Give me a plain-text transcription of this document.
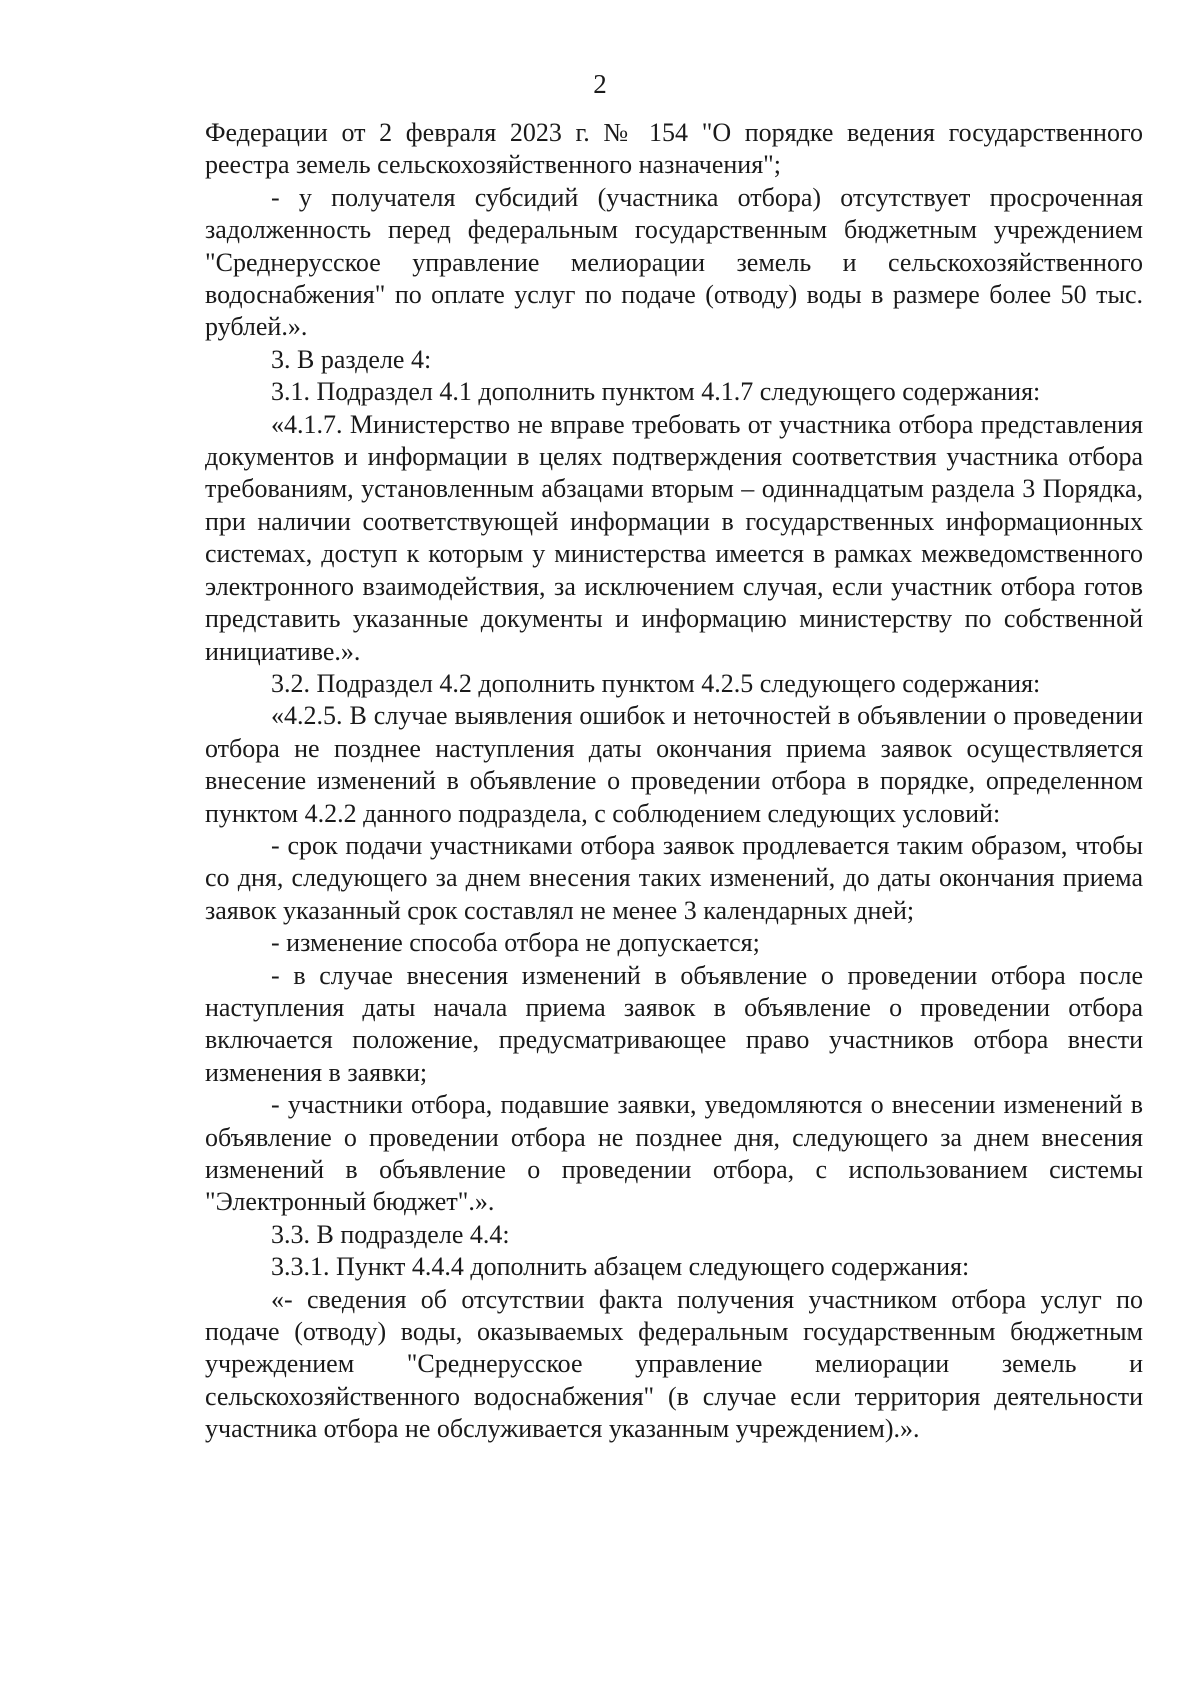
2

Федерации от 2 февраля 2023 г. № 154 "О порядке ведения государственного реестра земель сельскохозяйственного назначения";

- у получателя субсидий (участника отбора) отсутствует просроченная задолженность перед федеральным государственным бюджетным учреждением "Среднерусское управление мелиорации земель и сельскохозяйственного водоснабжения" по оплате услуг по подаче (отводу) воды в размере более 50 тыс. рублей.».

3. В разделе 4:

3.1. Подраздел 4.1 дополнить пунктом 4.1.7 следующего содержания:

«4.1.7. Министерство не вправе требовать от участника отбора представления документов и информации в целях подтверждения соответствия участника отбора требованиям, установленным абзацами вторым – одиннадцатым раздела 3 Порядка, при наличии соответствующей информации в государственных информационных системах, доступ к которым у министерства имеется в рамках межведомственного электронного взаимодействия, за исключением случая, если участник отбора готов представить указанные документы и информацию министерству по собственной инициативе.».

3.2. Подраздел 4.2 дополнить пунктом 4.2.5 следующего содержания:

«4.2.5. В случае выявления ошибок и неточностей в объявлении о проведении отбора не позднее наступления даты окончания приема заявок осуществляется внесение изменений в объявление о проведении отбора в порядке, определенном пунктом 4.2.2 данного подраздела, с соблюдением следующих условий:

- срок подачи участниками отбора заявок продлевается таким образом, чтобы со дня, следующего за днем внесения таких изменений, до даты окончания приема заявок указанный срок составлял не менее 3 календарных дней;

- изменение способа отбора не допускается;

- в случае внесения изменений в объявление о проведении отбора после наступления даты начала приема заявок в объявление о проведении отбора включается положение, предусматривающее право участников отбора внести изменения в заявки;

- участники отбора, подавшие заявки, уведомляются о внесении изменений в объявление о проведении отбора не позднее дня, следующего за днем внесения изменений в объявление о проведении отбора, с использованием системы "Электронный бюджет".».

3.3. В подразделе 4.4:

3.3.1. Пункт 4.4.4 дополнить абзацем следующего содержания:

«- сведения об отсутствии факта получения участником отбора услуг по подаче (отводу) воды, оказываемых федеральным государственным бюджетным учреждением "Среднерусское управление мелиорации земель и сельскохозяйственного водоснабжения" (в случае если территория деятельности участника отбора не обслуживается указанным учреждением).».
